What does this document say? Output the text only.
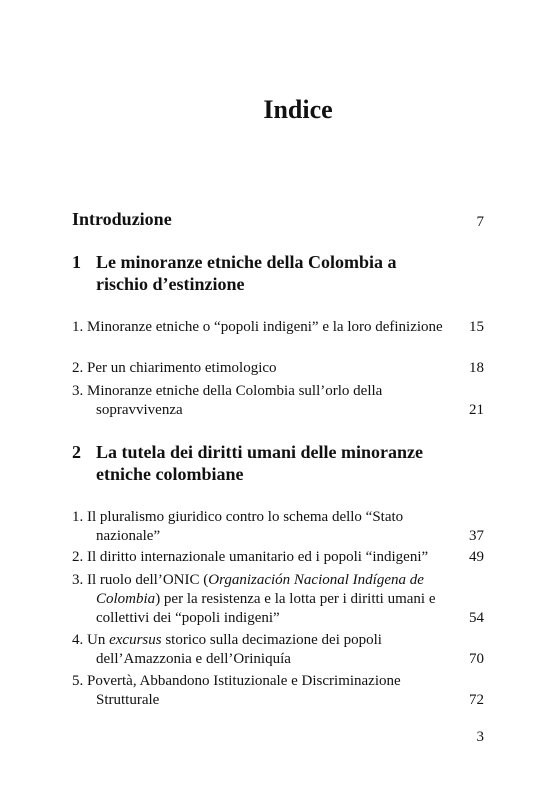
Indice
Introduzione	7
1 Le minoranze etniche della Colombia a rischio d’estinzione
1. Minoranze etniche o “popoli indigeni” e la loro definizione	15
2. Per un chiarimento etimologico	18
3. Minoranze etniche della Colombia sull’orlo della sopravvivenza	21
2 La tutela dei diritti umani delle minoranze etniche colombiane
1. Il pluralismo giuridico contro lo schema dello “Stato nazionale”	37
2. Il diritto internazionale umanitario ed i popoli “indigeni”	49
3. Il ruolo dell’ONIC (Organización Nacional Indígena de Colombia) per la resistenza e la lotta per i diritti umani e collettivi dei “popoli indigeni”	54
4. Un excursus storico sulla decimazione dei popoli dell’Amazzonia e dell’Oriniquía	70
5. Povertà, Abbandono Istituzionale e Discriminazione Strutturale	72
3
